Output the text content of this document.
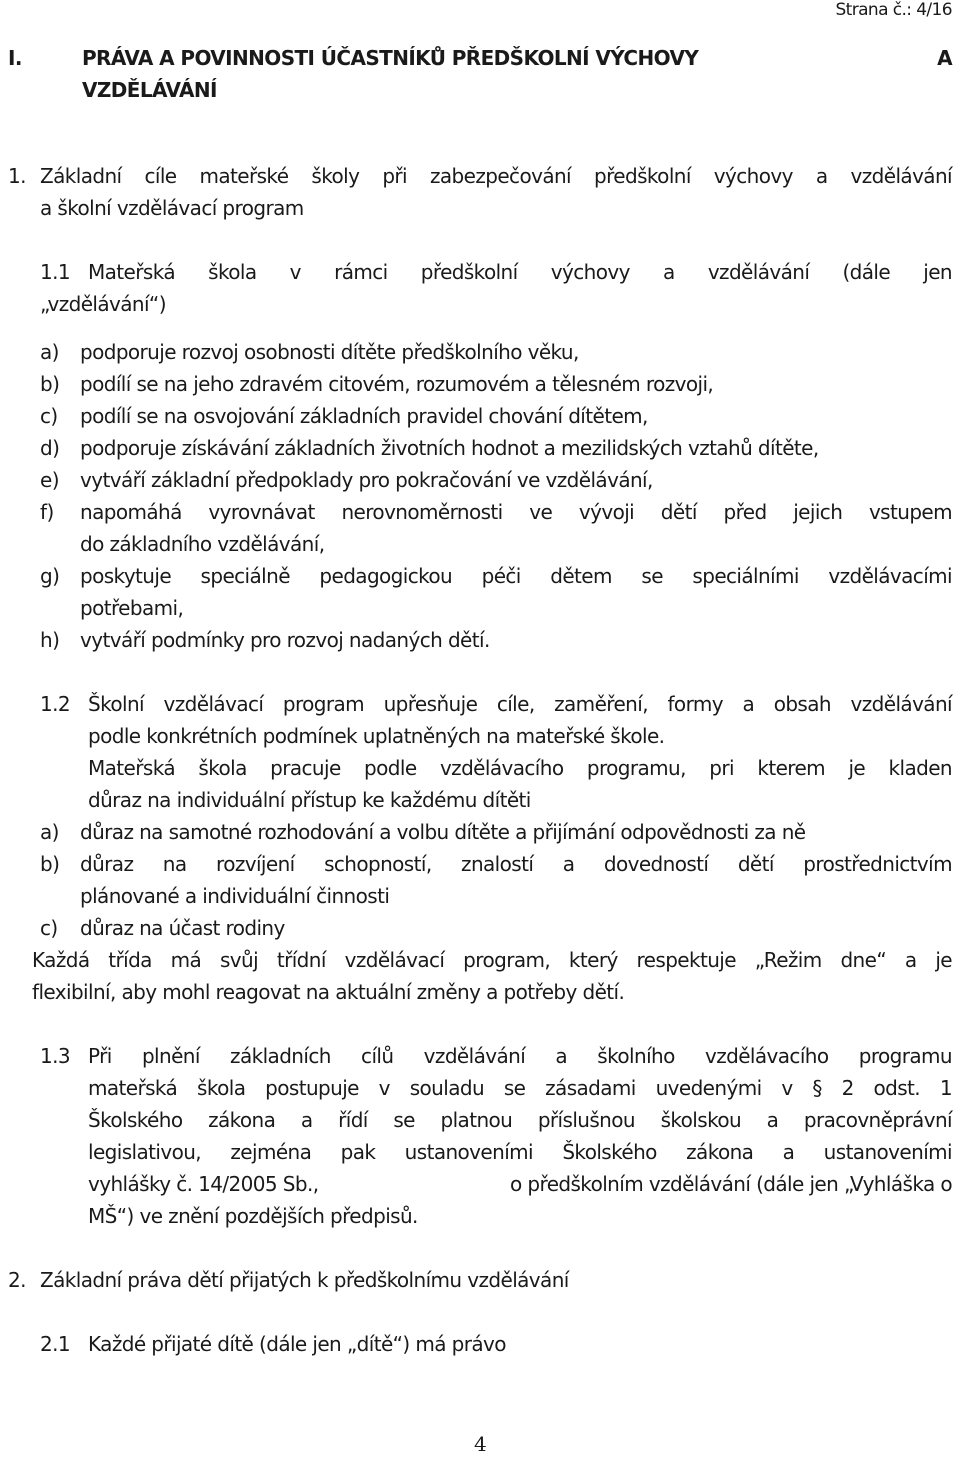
Strana č.: 4/16
I.	PRÁVA A POVINNOSTI ÚČASTNÍKŮ PŘEDŠKOLNÍ VÝCHOVY	A
VZDĚLÁVÁNÍ
1. Základní cíle mateřské školy při zabezpečování předškolní výchovy a vzdělávání
a školní vzdělávací program
1.1 Mateřská škola v rámci předškolní výchovy a vzdělávání (dále jen
„vzdělávání“)
a) podporuje rozvoj osobnosti dítěte předškolního věku,
b) podílí se na jeho zdravém citovém, rozumovém a tělesném rozvoji,
c) podílí se na osvojování základních pravidel chování dítětem,
d) podporuje získávání základních životních hodnot a mezilidských vztahů dítěte,
e) vytváří základní předpoklady pro pokračování ve vzdělávání,
f) napomáhá vyrovnávat nerovnoměrnosti ve vývoji dětí před jejich vstupem
do základního vzdělávání,
g) poskytuje speciálně pedagogickou péči dětem se speciálními vzdělávacími
potřebami,
h) vytváří podmínky pro rozvoj nadaných dětí.
1.2 Školní vzdělávací program upřesňuje cíle, zaměření, formy a obsah vzdělávání
podle konkrétních podmínek uplatněných na mateřské škole.
Mateřská škola pracuje podle vzdělávacího programu, pri kterem je kladen
důraz na individuální přístup ke každému dítěti
a) důraz na samotné rozhodování a volbu dítěte a přijímání odpovědnosti za ně
b) důraz na rozvíjení schopností, znalostí a dovedností dětí prostřednictvím
plánované a individuální činnosti
c) důraz na účast rodiny
Každá třída má svůj třídní vzdělávací program, který respektuje „Režim dne“ a je
flexibilní, aby mohl reagovat na aktuální změny a potřeby dětí.
1.3 Při plnění základních cílů vzdělávání a školního vzdělávacího programu
mateřská škola postupuje v souladu se zásadami uvedenými v § 2 odst. 1
Školského zákona a řídí se platnou příslušnou školskou a pracovněprávní
legislativou, zejména pak ustanoveními Školského zákona a ustanoveními
vyhlášky č. 14/2005 Sb.,	o předškolním vzdělávání (dále jen „Vyhláška o
MŠ“) ve znění pozdějších předpisů.
2. Základní práva dětí přijatých k předškolnímu vzdělávání
2.1 Každé přijaté dítě (dále jen „dítě“) má právo
4
